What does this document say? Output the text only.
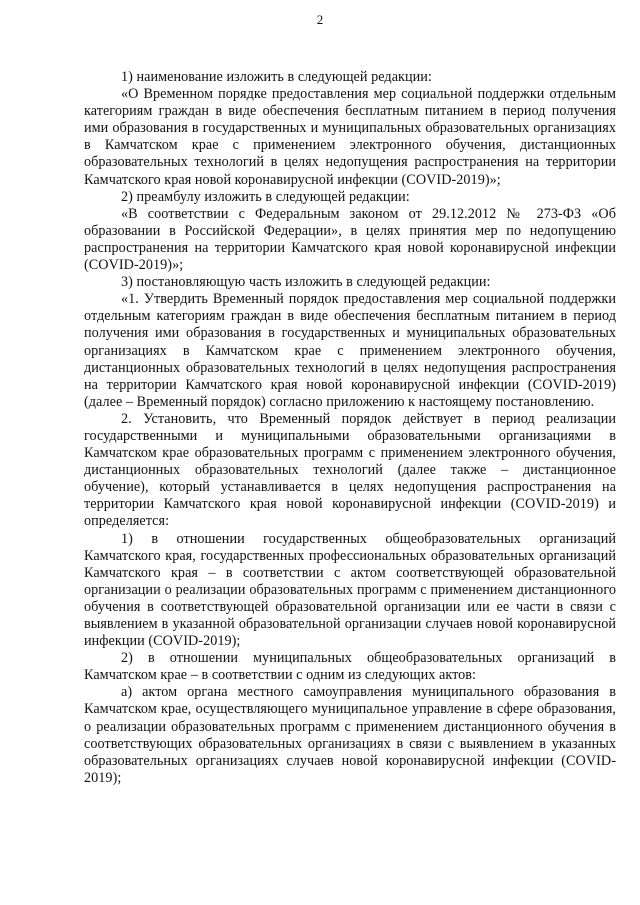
2

1) наименование изложить в следующей редакции:

«О Временном порядке предоставления мер социальной поддержки отдельным категориям граждан в виде обеспечения бесплатным питанием в период получения ими образования в государственных и муниципальных образовательных организациях в Камчатском крае с применением электронного обучения, дистанционных образовательных технологий в целях недопущения распространения на территории Камчатского края новой коронавирусной инфекции (COVID-2019)»;

2) преамбулу изложить в следующей редакции:

«В соответствии с Федеральным законом от 29.12.2012 № 273-ФЗ «Об образовании в Российской Федерации», в целях принятия мер по недопущению распространения на территории Камчатского края новой коронавирусной инфекции (COVID-2019)»;

3) постановляющую часть изложить в следующей редакции:

«1. Утвердить Временный порядок предоставления мер социальной поддержки отдельным категориям граждан в виде обеспечения бесплатным питанием в период получения ими образования в государственных и муниципальных образовательных организациях в Камчатском крае с применением электронного обучения, дистанционных образовательных технологий в целях недопущения распространения на территории Камчатского края новой коронавирусной инфекции (COVID-2019) (далее – Временный порядок) согласно приложению к настоящему постановлению.

2. Установить, что Временный порядок действует в период реализации государственными и муниципальными образовательными организациями в Камчатском крае образовательных программ с применением электронного обучения, дистанционных образовательных технологий (далее также – дистанционное обучение), который устанавливается в целях недопущения распространения на территории Камчатского края новой коронавирусной инфекции (COVID-2019) и определяется:

1) в отношении государственных общеобразовательных организаций Камчатского края, государственных профессиональных образовательных организаций Камчатского края – в соответствии с актом соответствующей образовательной организации о реализации образовательных программ с применением дистанционного обучения в соответствующей образовательной организации или ее части в связи с выявлением в указанной образовательной организации случаев новой коронавирусной инфекции (COVID-2019);

2) в отношении муниципальных общеобразовательных организаций в Камчатском крае – в соответствии с одним из следующих актов:

а) актом органа местного самоуправления муниципального образования в Камчатском крае, осуществляющего муниципальное управление в сфере образования, о реализации образовательных программ с применением дистанционного обучения в соответствующих образовательных организациях в связи с выявлением в указанных образовательных организациях случаев новой коронавирусной инфекции (COVID-2019);
